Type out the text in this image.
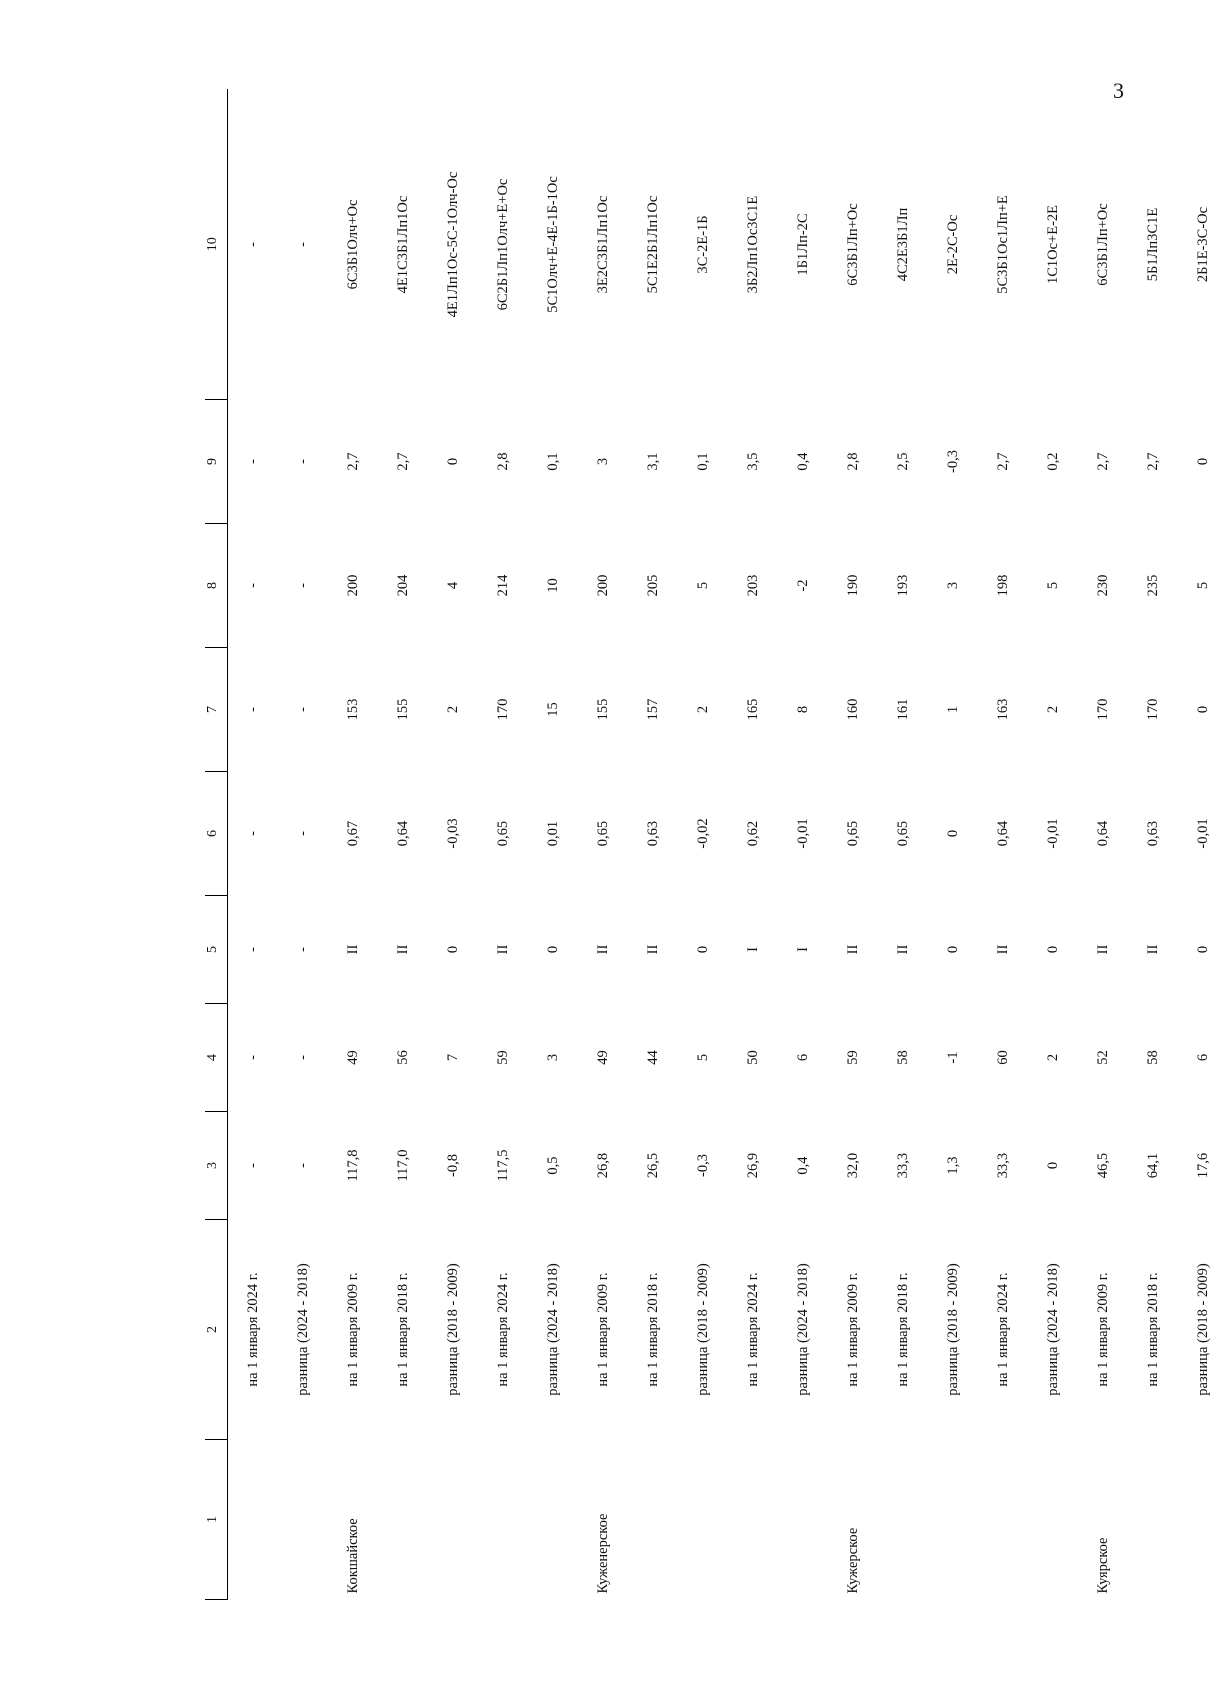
3
1	2	3	4	5	6	7	8	9	10
	на 1 января 2024 г.	-	-	-	-	-	-	-	-
	разница (2024 - 2018)	-	-	-	-	-	-	-	-
Кокшайское	на 1 января 2009 г.	117,8	49	II	0,67	153	200	2,7	6С3Б1Олч+Ос
	на 1 января 2018 г.	117,0	56	II	0,64	155	204	2,7	4Е1С3Б1Лп1Ос
	разница (2018 - 2009)	-0,8	7	0	-0,03	2	4	0	4Е1Лп1Ос-5С-1Олч-Ос
	на 1 января 2024 г.	117,5	59	II	0,65	170	214	2,8	6С2Б1Лп1Олч+Е+Ос
	разница (2024 - 2018)	0,5	3	0	0,01	15	10	0,1	5С1Олч+Е-4Е-1Б-1Ос
Куженерское	на 1 января 2009 г.	26,8	49	II	0,65	155	200	3	3Е2С3Б1Лп1Ос
	на 1 января 2018 г.	26,5	44	II	0,63	157	205	3,1	5С1Е2Б1Лп1Ос
	разница (2018 - 2009)	-0,3	5	0	-0,02	2	5	0,1	3С-2Е-1Б
	на 1 января 2024 г.	26,9	50	I	0,62	165	203	3,5	3Б2Лп1Ос3С1Е
	разница (2024 - 2018)	0,4	6	I	-0,01	8	-2	0,4	1Б1Лп-2С
Кужерское	на 1 января 2009 г.	32,0	59	II	0,65	160	190	2,8	6С3Б1Лп+Ос
	на 1 января 2018 г.	33,3	58	II	0,65	161	193	2,5	4С2Е3Б1Лп
	разница (2018 - 2009)	1,3	-1	0	0	1	3	-0,3	2Е-2С-Ос
	на 1 января 2024 г.	33,3	60	II	0,64	163	198	2,7	5С3Б1Ос1Лп+Е
	разница (2024 - 2018)	0	2	0	-0,01	2	5	0,2	1С1Ос+Е-2Е
Куярское	на 1 января 2009 г.	46,5	52	II	0,64	170	230	2,7	6С3Б1Лп+Ос
	на 1 января 2018 г.	64,1	58	II	0,63	170	235	2,7	5Б1Лп3С1Е
	разница (2018 - 2009)	17,6	6	0	-0,01	0	5	0	2Б1Е-3С-Ос
